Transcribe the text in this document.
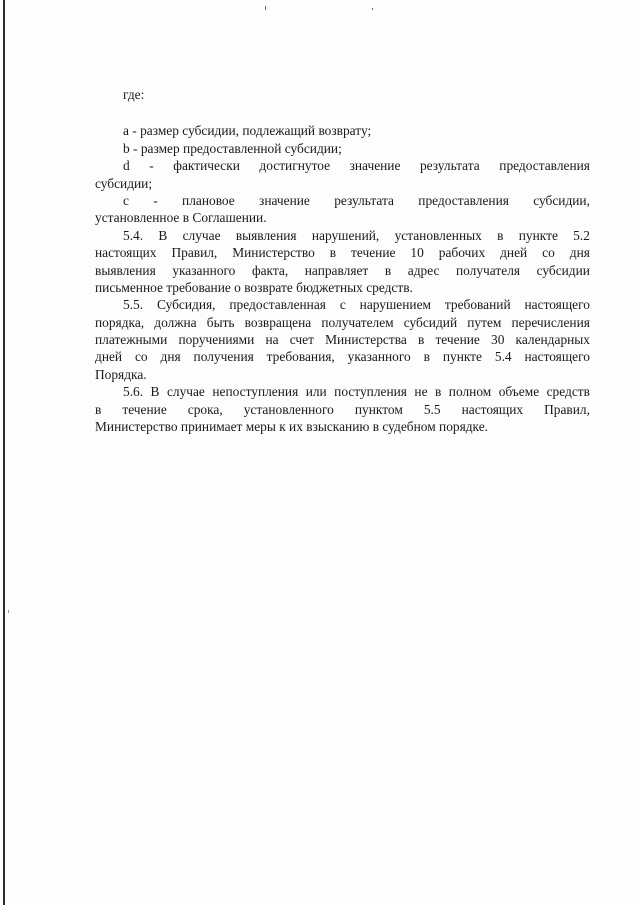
где:
a - размер субсидии, подлежащий возврату;
b - размер предоставленной субсидии;
d - фактически достигнутое значение результата предоставления
субсидии;
c - плановое значение результата предоставления субсидии,
установленное в Соглашении.
5.4. В случае выявления нарушений, установленных в пункте 5.2
настоящих Правил, Министерство в течение 10 рабочих дней со дня
выявления указанного факта, направляет в адрес получателя субсидии
письменное требование о возврате бюджетных средств.
5.5. Субсидия, предоставленная с нарушением требований настоящего
порядка, должна быть возвращена получателем субсидий путем перечисления
платежными поручениями на счет Министерства в течение 30 календарных
дней со дня получения требования, указанного в пункте 5.4 настоящего
Порядка.
5.6. В случае непоступления или поступления не в полном объеме средств
в течение срока, установленного пунктом 5.5 настоящих Правил,
Министерство принимает меры к их взысканию в судебном порядке.
